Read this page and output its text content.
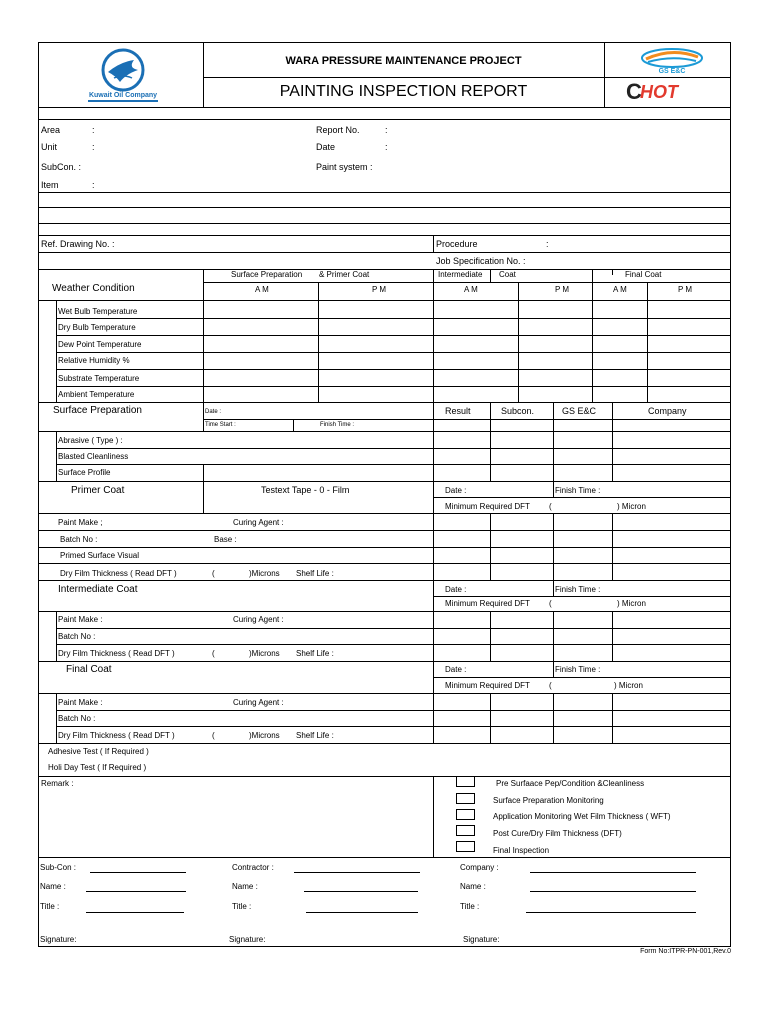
Kuwait Oil Company
WARA PRESSURE MAINTENANCE PROJECT
PAINTING INSPECTION REPORT
GS E&C
C
HOT
Area	:
Unit	:
SubCon. :
Item	:
Report No.	:
Date	:
Paint system :
Ref. Drawing No. :	Procedure	:
Job Specification No. :
Weather Condition
Surface Preparation & Primer Coat	Intermediate Coat	Final Coat
A M	P M	A M	P M	A M	P M
Wet Bulb Temperature
Dry Bulb Temperature
Dew Point Temperature
Relative Humidity %
Substrate Temperature
Ambient Temperature
Surface Preparation	Date :
Time Start :	Finish Time :
Result	Subcon.	GS E&C	Company
Abrasive ( Type ) :
Blasted Cleanliness
Surface Profile
Primer Coat	Testext Tape - 0 - Film	Date :	Finish Time :
Minimum Required DFT (	) Micron
Paint Make ;	Curing Agent :
Batch No :	Base :
Primed Surface Visual
Dry Film Thickness ( Read DFT )	(	)Microns Shelf Life :
Intermediate Coat	Date :	Finish Time :
Minimum Required DFT (	) Micron
Paint Make :	Curing Agent :
Batch No :
Dry Film Thickness ( Read DFT )	(	)Microns Shelf Life :
Final Coat	Date :	Finish Time :
Minimum Required DFT (	) Micron
Paint Make :	Curing Agent :
Batch No :
Dry Film Thickness ( Read DFT )	(	)Microns Shelf Life :
Adhesive Test ( If Required )
Holi Day Test ( If Required )
Remark :	Pre Surfaace Pep/Condition &Cleanliness
Surface Preparation Monitoring
Application Monitoring Wet Film Thickness ( WFT)
Post Cure/Dry Film Thickness (DFT)
Final Inspection
Sub-Con :	Contractor :	Company :
Name :	Name :	Name :
Title :	Title :	Title :
Signature:	Signature:	Signature:
Form No:ITPR-PN-001,Rev.0
